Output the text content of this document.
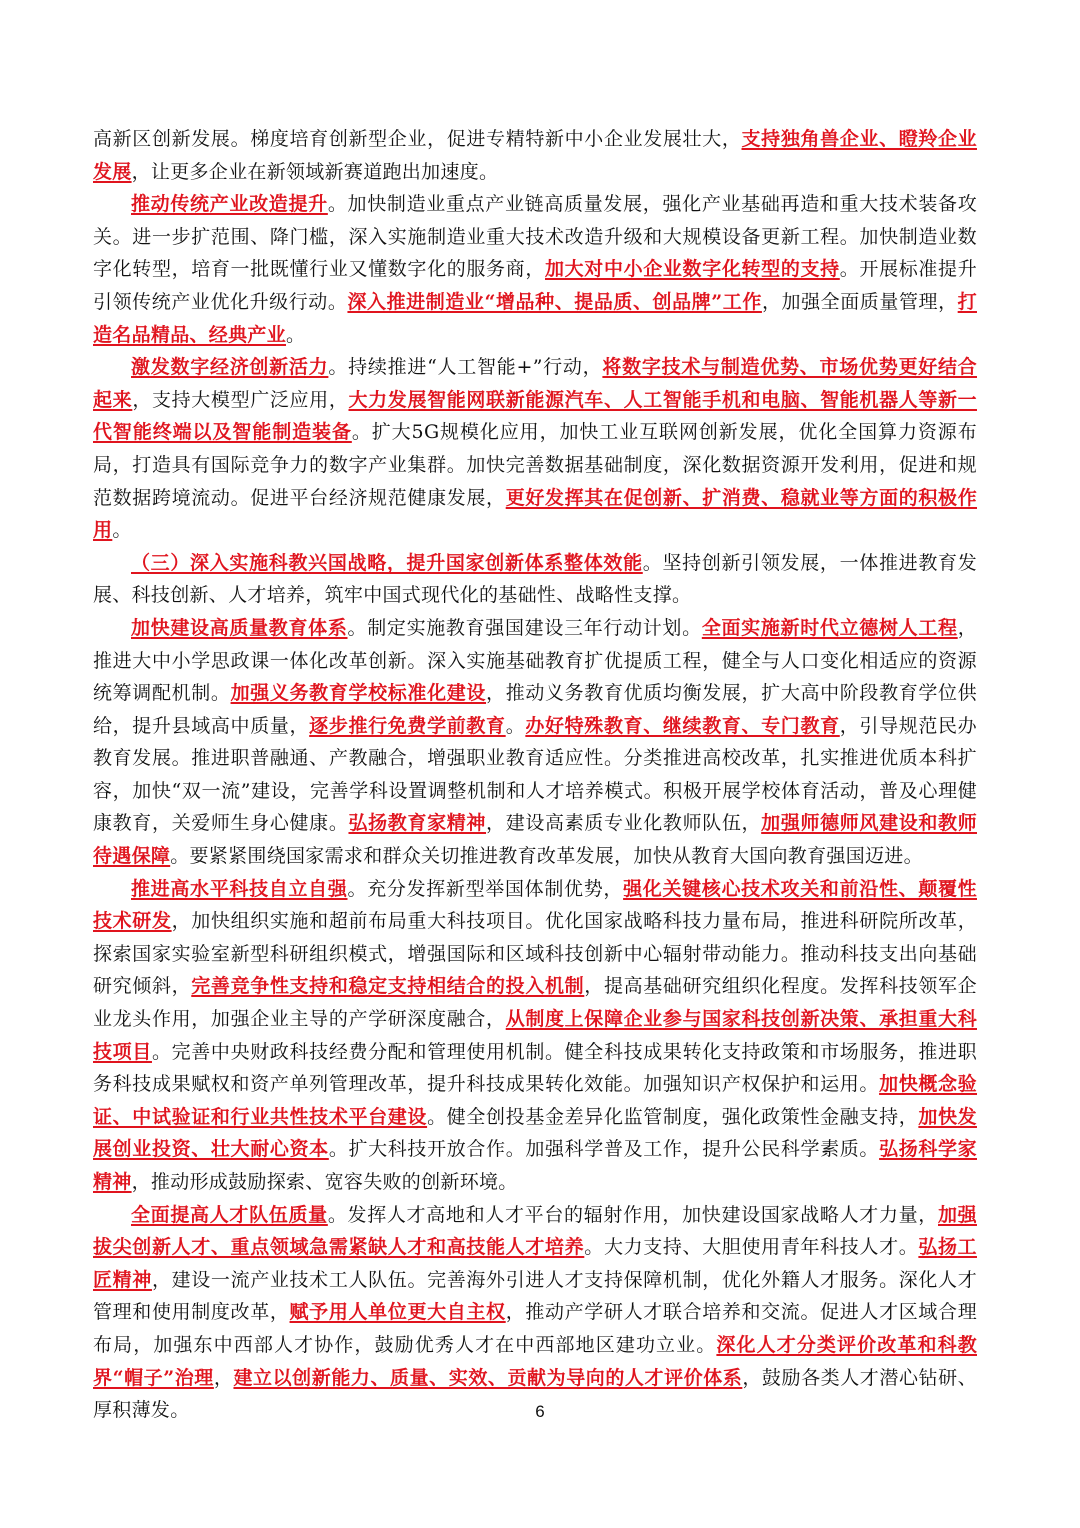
高新区创新发展。梯度培育创新型企业，促进专精特新中小企业发展壮大，支持独角兽企业、瞪羚企业发展，让更多企业在新领域新赛道跑出加速度。

推动传统产业改造提升。加快制造业重点产业链高质量发展，强化产业基础再造和重大技术装备攻关。进一步扩范围、降门槛，深入实施制造业重大技术改造升级和大规模设备更新工程。加快制造业数字化转型，培育一批既懂行业又懂数字化的服务商，加大对中小企业数字化转型的支持。开展标准提升引领传统产业优化升级行动。深入推进制造业“增品种、提品质、创品牌”工作，加强全面质量管理，打造名品精品、经典产业。

激发数字经济创新活力。持续推进“人工智能+”行动，将数字技术与制造优势、市场优势更好结合起来，支持大模型广泛应用，大力发展智能网联新能源汽车、人工智能手机和电脑、智能机器人等新一代智能终端以及智能制造装备。扩大5G规模化应用，加快工业互联网创新发展，优化全国算力资源布局，打造具有国际竞争力的数字产业集群。加快完善数据基础制度，深化数据资源开发利用，促进和规范数据跨境流动。促进平台经济规范健康发展，更好发挥其在促创新、扩消费、稳就业等方面的积极作用。

（三）深入实施科教兴国战略，提升国家创新体系整体效能。坚持创新引领发展，一体推进教育发展、科技创新、人才培养，筑牢中国式现代化的基础性、战略性支撑。

加快建设高质量教育体系。制定实施教育强国建设三年行动计划。全面实施新时代立德树人工程，推进大中小学思政课一体化改革创新。深入实施基础教育扩优提质工程，健全与人口变化相适应的资源统筹调配机制。加强义务教育学校标准化建设，推动义务教育优质均衡发展，扩大高中阶段教育学位供给，提升县域高中质量，逐步推行免费学前教育。办好特殊教育、继续教育、专门教育，引导规范民办教育发展。推进职普融通、产教融合，增强职业教育适应性。分类推进高校改革，扎实推进优质本科扩容，加快“双一流”建设，完善学科设置调整机制和人才培养模式。积极开展学校体育活动，普及心理健康教育，关爱师生身心健康。弘扬教育家精神，建设高素质专业化教师队伍，加强师德师风建设和教师待遇保障。要紧紧围绕国家需求和群众关切推进教育改革发展，加快从教育大国向教育强国迈进。

推进高水平科技自立自强。充分发挥新型举国体制优势，强化关键核心技术攻关和前沿性、颠覆性技术研发，加快组织实施和超前布局重大科技项目。优化国家战略科技力量布局，推进科研院所改革，探索国家实验室新型科研组织模式，增强国际和区域科技创新中心辐射带动能力。推动科技支出向基础研究倾斜，完善竞争性支持和稳定支持相结合的投入机制，提高基础研究组织化程度。发挥科技领军企业龙头作用，加强企业主导的产学研深度融合，从制度上保障企业参与国家科技创新决策、承担重大科技项目。完善中央财政科技经费分配和管理使用机制。健全科技成果转化支持政策和市场服务，推进职务科技成果赋权和资产单列管理改革，提升科技成果转化效能。加强知识产权保护和运用。加快概念验证、中试验证和行业共性技术平台建设。健全创投基金差异化监管制度，强化政策性金融支持，加快发展创业投资、壮大耐心资本。扩大科技开放合作。加强科学普及工作，提升公民科学素质。弘扬科学家精神，推动形成鼓励探索、宽容失败的创新环境。

全面提高人才队伍质量。发挥人才高地和人才平台的辐射作用，加快建设国家战略人才力量，加强拔尖创新人才、重点领域急需紧缺人才和高技能人才培养。大力支持、大胆使用青年科技人才。弘扬工匠精神，建设一流产业技术工人队伍。完善海外引进人才支持保障机制，优化外籍人才服务。深化人才管理和使用制度改革，赋予用人单位更大自主权，推动产学研人才联合培养和交流。促进人才区域合理布局，加强东中西部人才协作，鼓励优秀人才在中西部地区建功立业。深化人才分类评价改革和科教界“帽子”治理，建立以创新能力、质量、实效、贡献为导向的人才评价体系，鼓励各类人才潜心钻研、厚积薄发。	6
